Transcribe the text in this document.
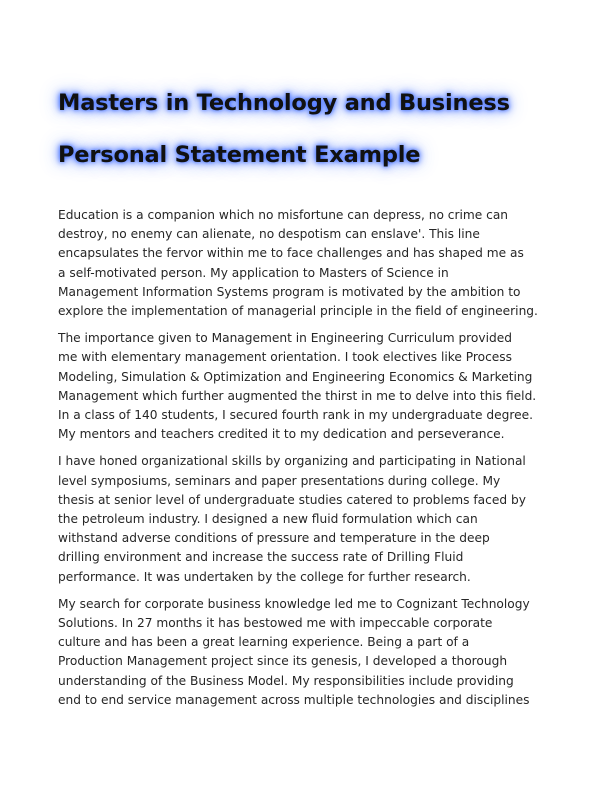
Masters in Technology and Business
Personal Statement Example

Education is a companion which no misfortune can depress, no crime can
destroy, no enemy can alienate, no despotism can enslave'. This line
encapsulates the fervor within me to face challenges and has shaped me as
a self-motivated person. My application to Masters of Science in
Management Information Systems program is motivated by the ambition to
explore the implementation of managerial principle in the field of engineering.

The importance given to Management in Engineering Curriculum provided
me with elementary management orientation. I took electives like Process
Modeling, Simulation & Optimization and Engineering Economics & Marketing
Management which further augmented the thirst in me to delve into this field.
In a class of 140 students, I secured fourth rank in my undergraduate degree.
My mentors and teachers credited it to my dedication and perseverance.

I have honed organizational skills by organizing and participating in National
level symposiums, seminars and paper presentations during college. My
thesis at senior level of undergraduate studies catered to problems faced by
the petroleum industry. I designed a new fluid formulation which can
withstand adverse conditions of pressure and temperature in the deep
drilling environment and increase the success rate of Drilling Fluid
performance. It was undertaken by the college for further research.

My search for corporate business knowledge led me to Cognizant Technology
Solutions. In 27 months it has bestowed me with impeccable corporate
culture and has been a great learning experience. Being a part of a
Production Management project since its genesis, I developed a thorough
understanding of the Business Model. My responsibilities include providing
end to end service management across multiple technologies and disciplines
